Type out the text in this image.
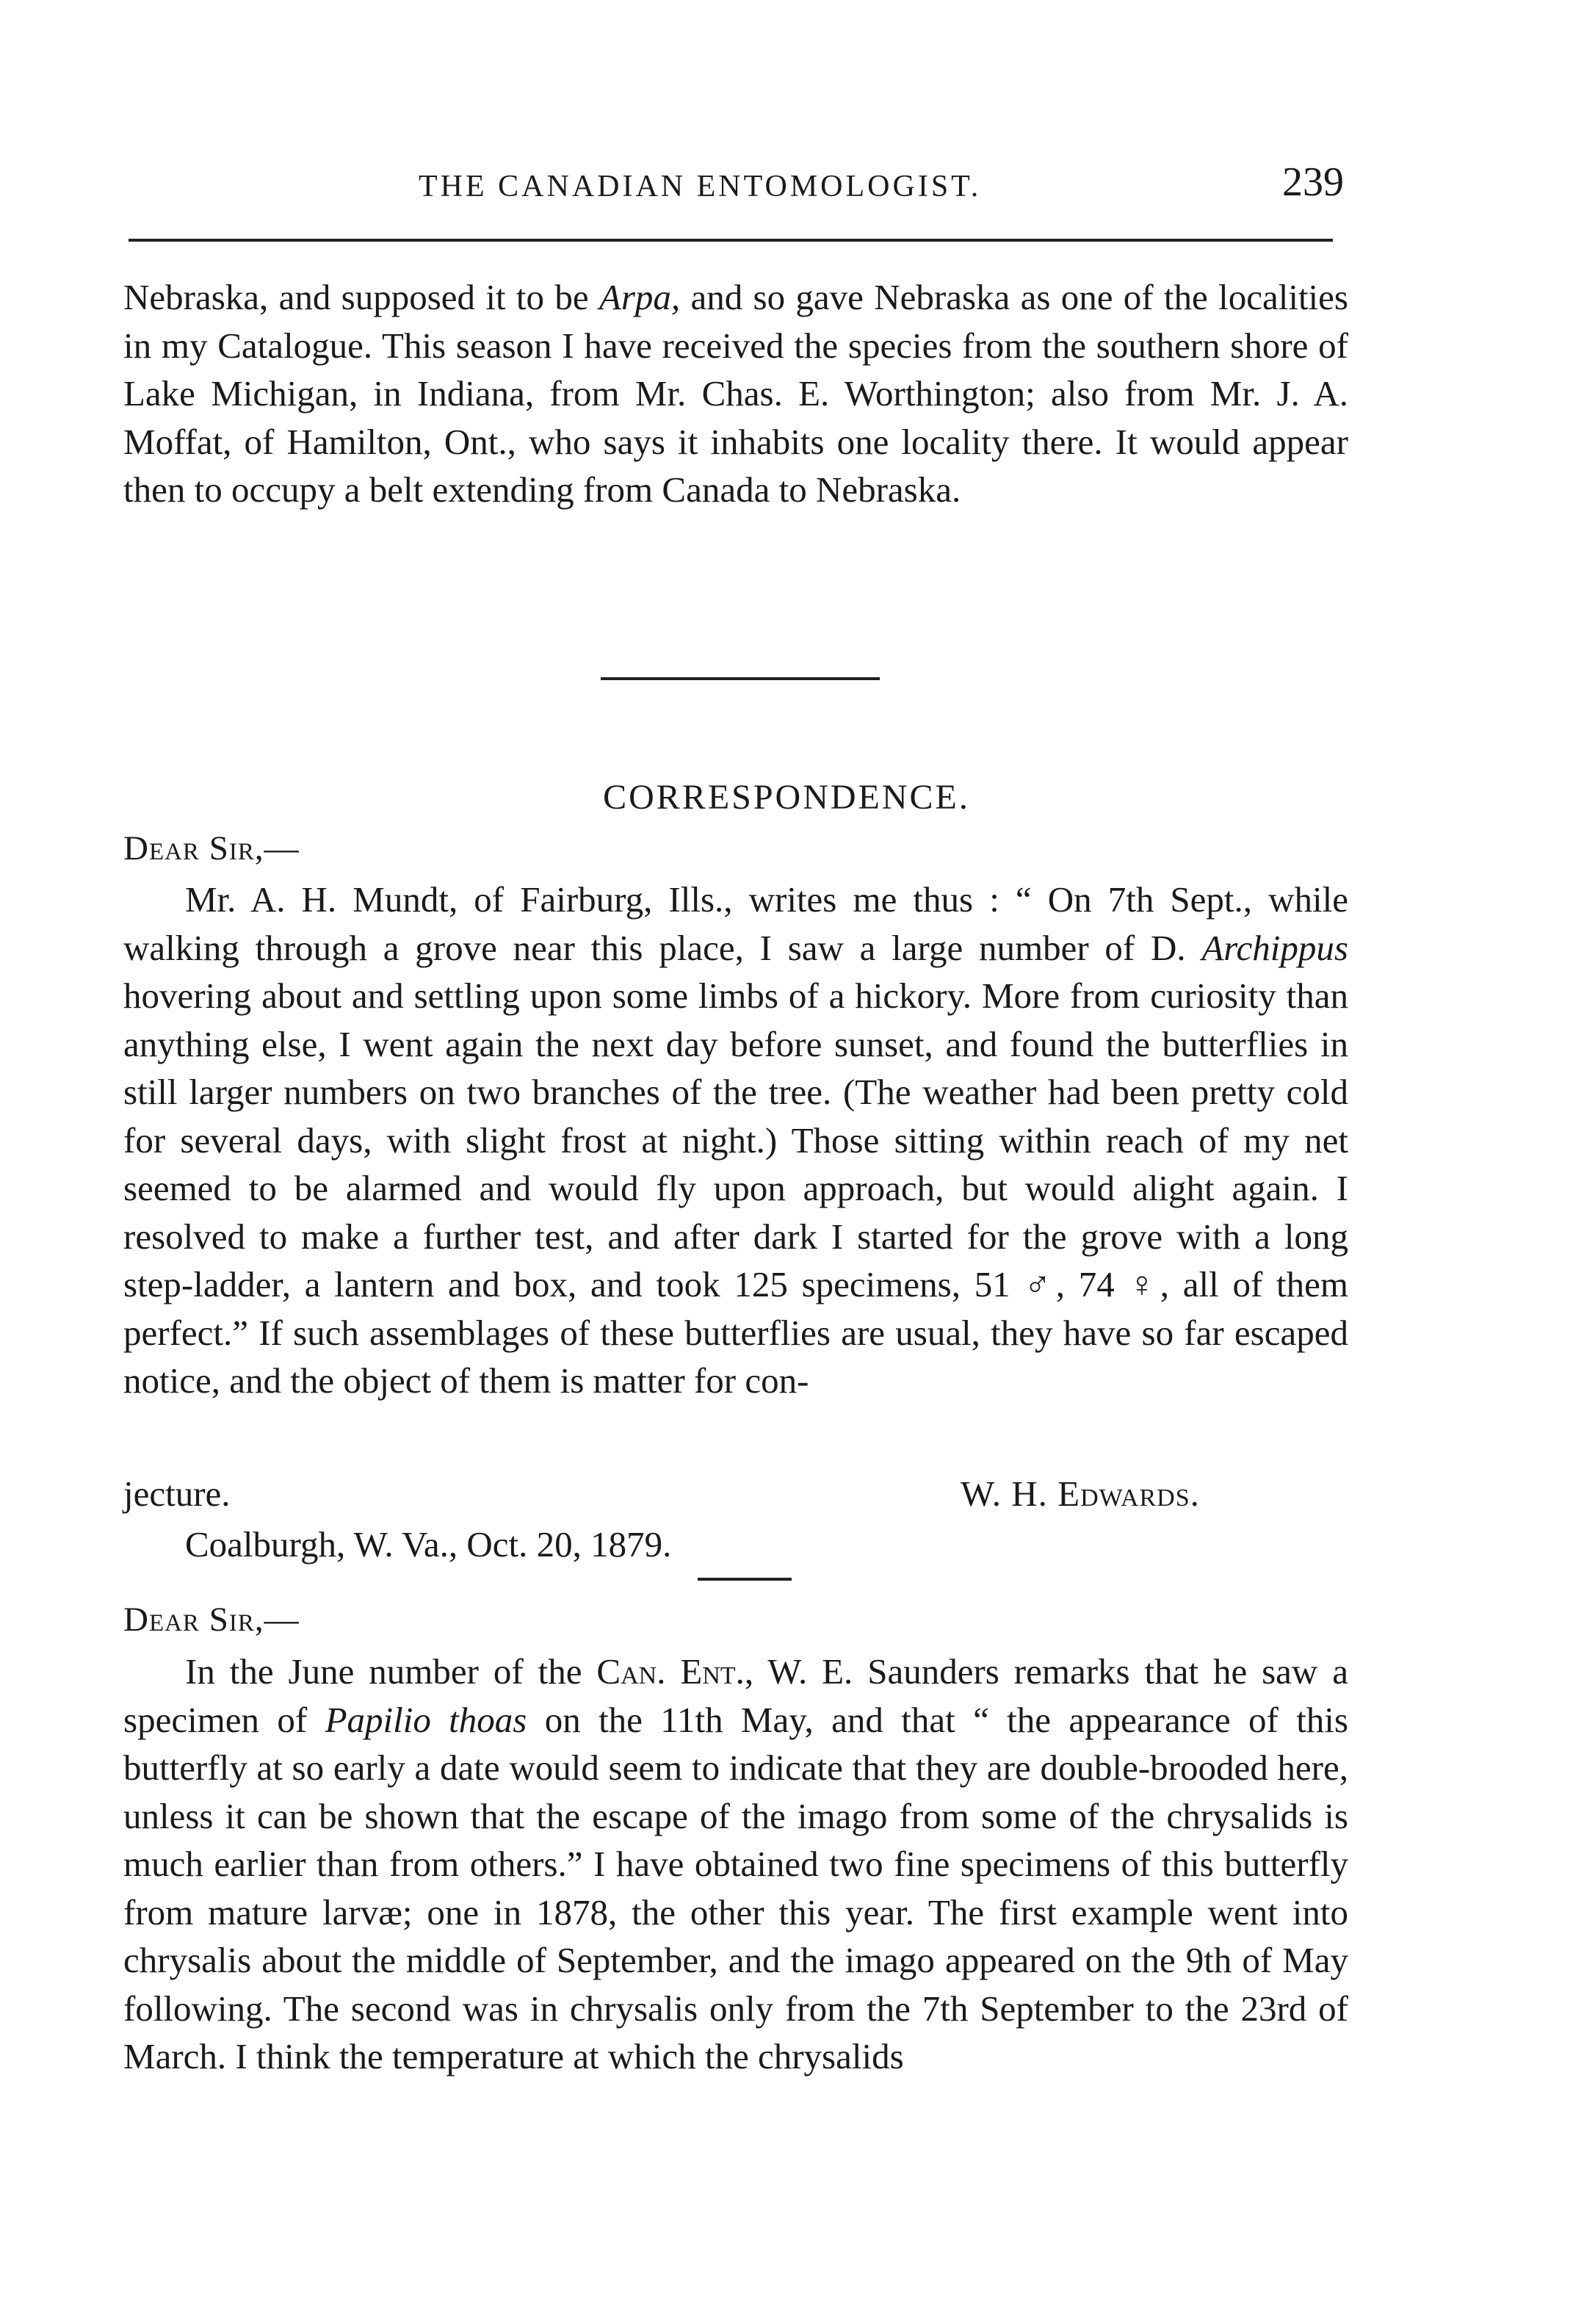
THE CANADIAN ENTOMOLOGIST.	239

Nebraska, and supposed it to be Arpa, and so gave Nebraska as one of the localities in my Catalogue. This season I have received the species from the southern shore of Lake Michigan, in Indiana, from Mr. Chas. E. Worthington; also from Mr. J. A. Moffat, of Hamilton, Ont., who says it inhabits one locality there. It would appear then to occupy a belt extending from Canada to Nebraska.

CORRESPONDENCE.
Dear Sir,—

Mr. A. H. Mundt, of Fairburg, Ills., writes me thus : “ On 7th Sept., while walking through a grove near this place, I saw a large number of D. Archippus hovering about and settling upon some limbs of a hickory. More from curiosity than anything else, I went again the next day before sunset, and found the butterflies in still larger numbers on two branches of the tree. (The weather had been pretty cold for several days, with slight frost at night.) Those sitting within reach of my net seemed to be alarmed and would fly upon approach, but would alight again. I resolved to make a further test, and after dark I started for the grove with a long step-ladder, a lantern and box, and took 125 specimens, 51 ♂, 74 ♀, all of them perfect.” If such assemblages of these butterflies are usual, they have so far escaped notice, and the object of them is matter for con-

jecture.	W. H. Edwards.
Coalburgh, W. Va., Oct. 20, 1879.
Dear Sir,—

In the June number of the Can. Ent., W. E. Saunders remarks that he saw a specimen of Papilio thoas on the 11th May, and that “ the appearance of this butterfly at so early a date would seem to indicate that they are double-brooded here, unless it can be shown that the escape of the imago from some of the chrysalids is much earlier than from others.” I have obtained two fine specimens of this butterfly from mature larvæ; one in 1878, the other this year. The first example went into chrysalis about the middle of September, and the imago appeared on the 9th of May following. The second was in chrysalis only from the 7th September to the 23rd of March. I think the temperature at which the chrysalids
